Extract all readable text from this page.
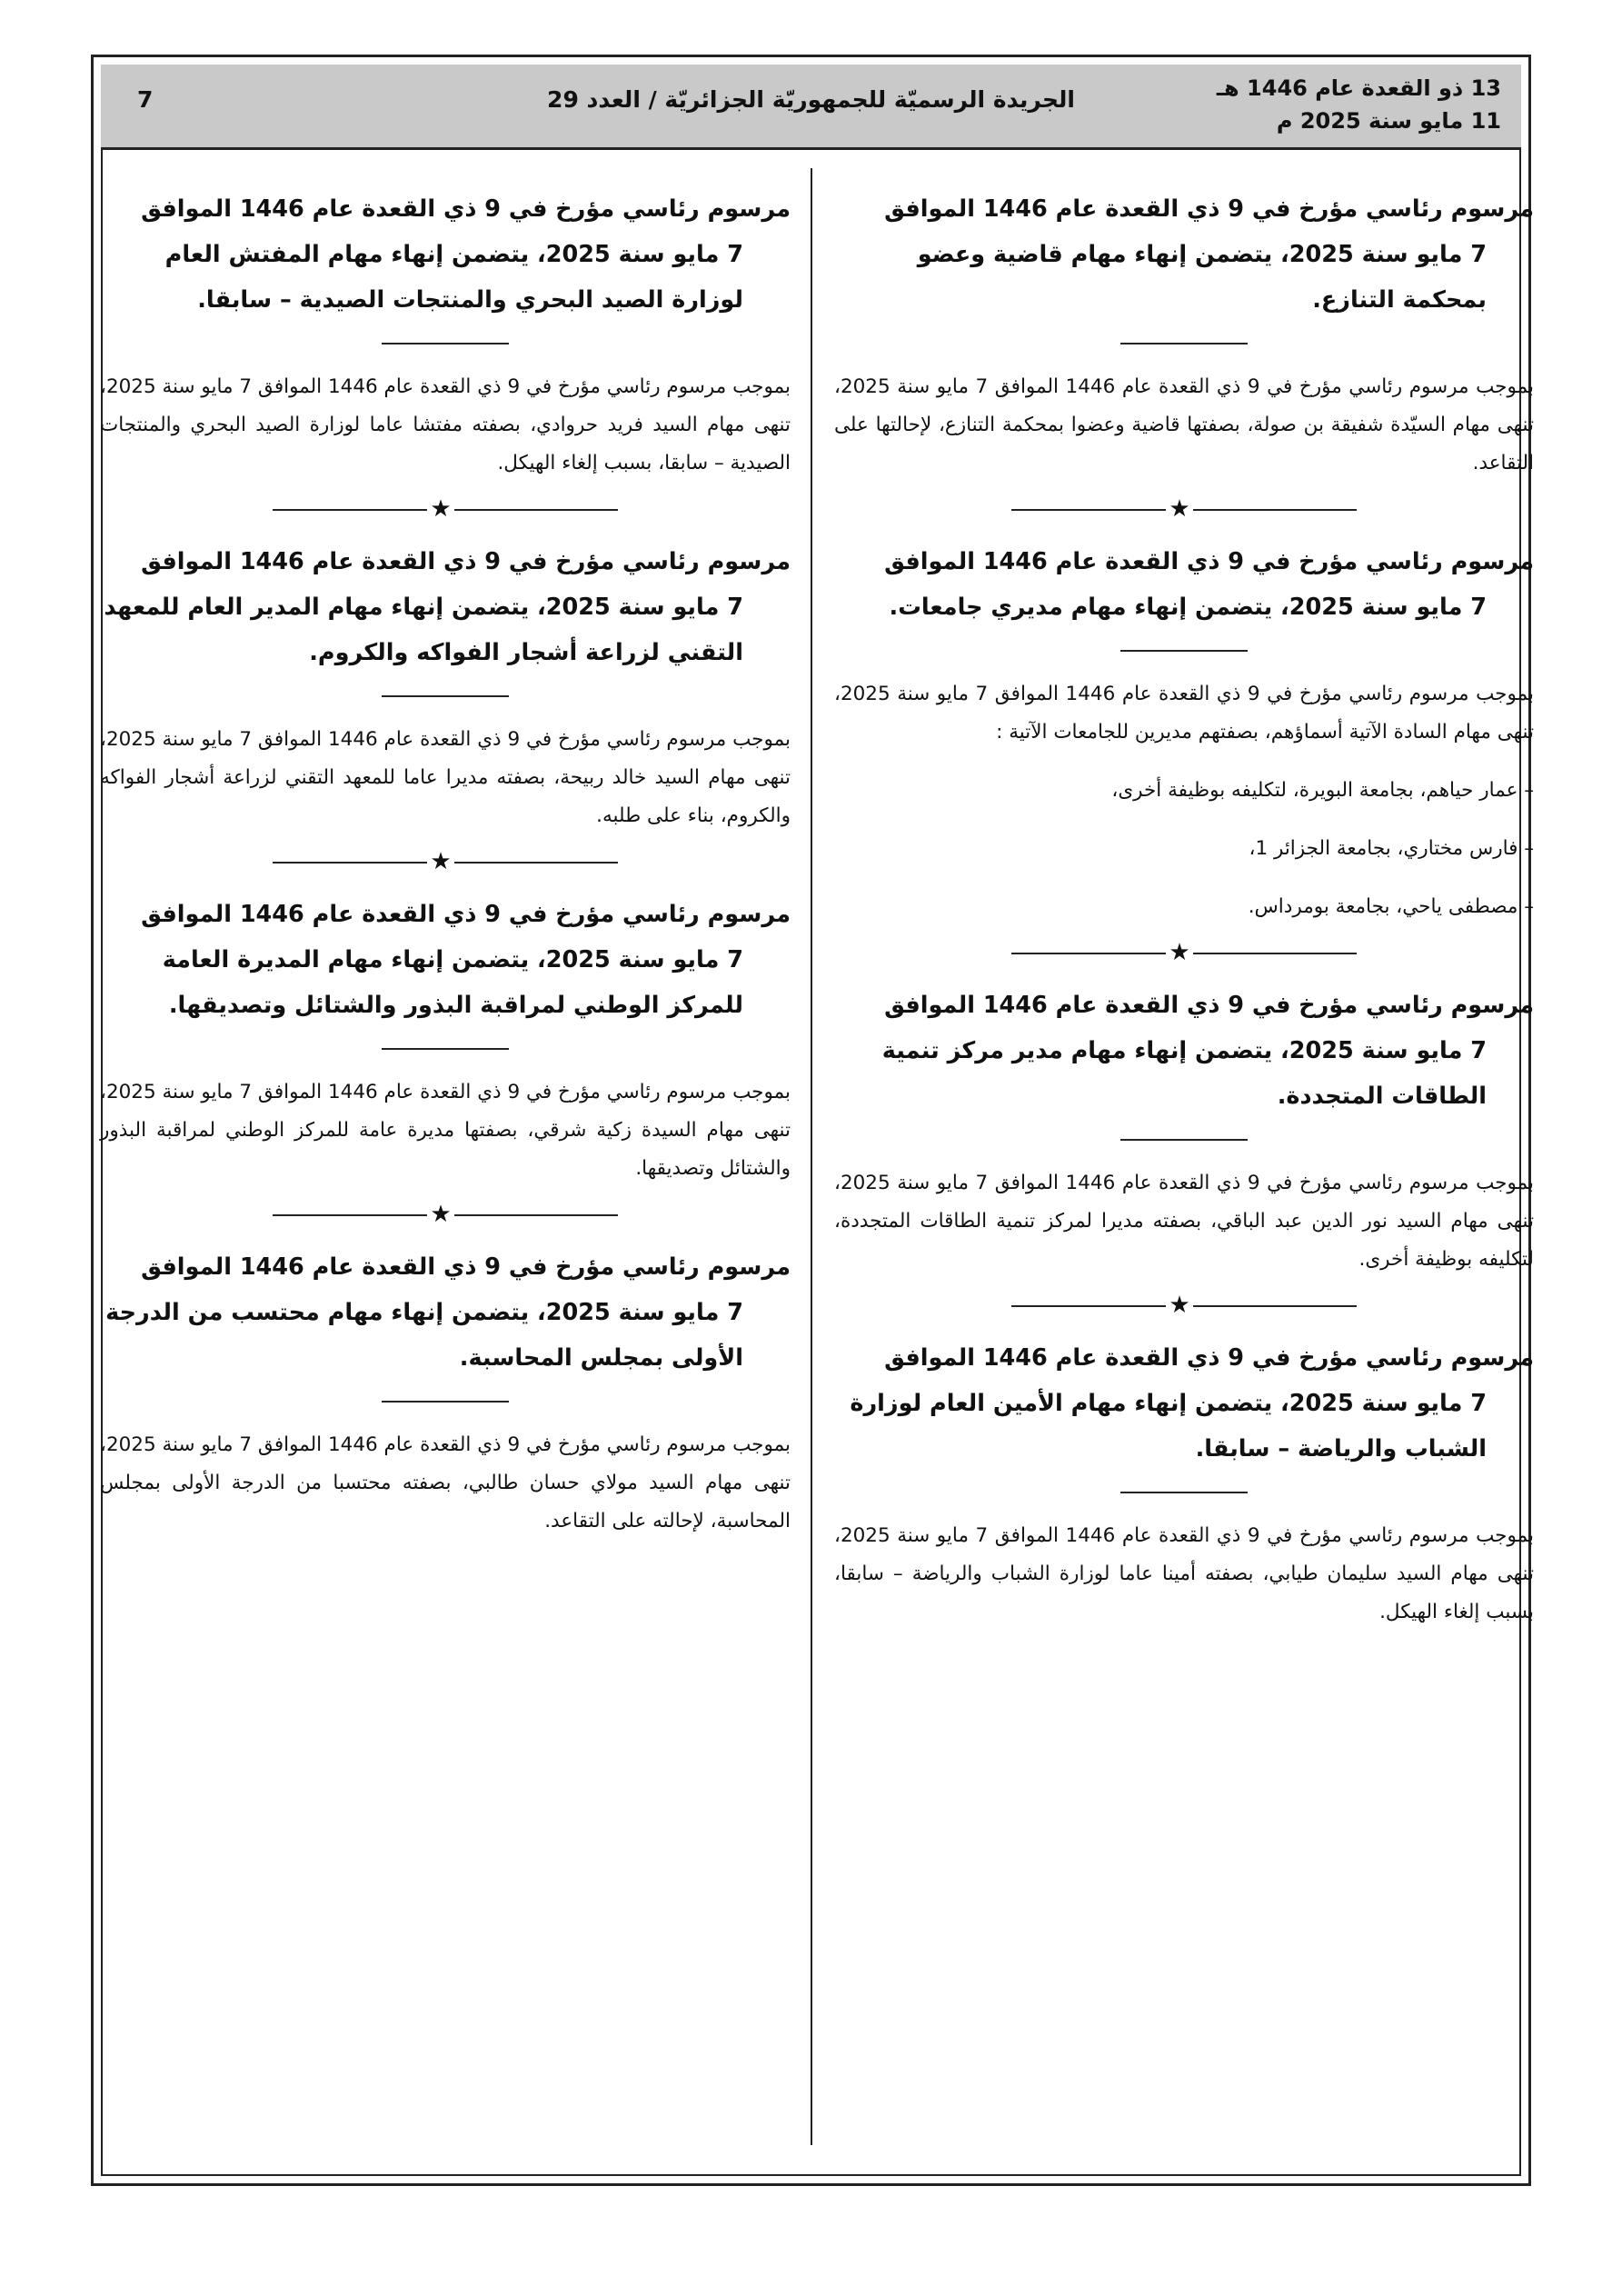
13 ذو القعدة عام 1446 هـ
11 مايو سنة 2025 م
الجريدة الرسميّة للجمهوريّة الجزائريّة / العدد 29
7
مرسوم رئاسي مؤرخ في 9 ذي القعدة عام 1446 الموافق
7 مايو سنة 2025، يتضمن إنهاء مهام قاضية وعضو بمحكمة التنازع.

بموجب مرسوم رئاسي مؤرخ في 9 ذي القعدة عام 1446 الموافق 7 مايو سنة 2025، تنهى مهام السيّدة شفيقة بن صولة، بصفتها قاضية وعضوا بمحكمة التنازع، لإحالتها على التقاعد.

★
مرسوم رئاسي مؤرخ في 9 ذي القعدة عام 1446 الموافق
7 مايو سنة 2025، يتضمن إنهاء مهام مديري جامعات.

بموجب مرسوم رئاسي مؤرخ في 9 ذي القعدة عام 1446 الموافق 7 مايو سنة 2025، تنهى مهام السادة الآتية أسماؤهم، بصفتهم مديرين للجامعات الآتية :

– عمار حياهم، بجامعة البويرة، لتكليفه بوظيفة أخرى،
– فارس مختاري، بجامعة الجزائر 1،
– مصطفى ياحي، بجامعة بومرداس.
★
مرسوم رئاسي مؤرخ في 9 ذي القعدة عام 1446 الموافق
7 مايو سنة 2025، يتضمن إنهاء مهام مدير مركز تنمية الطاقات المتجددة.

بموجب مرسوم رئاسي مؤرخ في 9 ذي القعدة عام 1446 الموافق 7 مايو سنة 2025، تنهى مهام السيد نور الدين عبد الباقي، بصفته مديرا لمركز تنمية الطاقات المتجددة، لتكليفه بوظيفة أخرى.

★
مرسوم رئاسي مؤرخ في 9 ذي القعدة عام 1446 الموافق
7 مايو سنة 2025، يتضمن إنهاء مهام الأمين العام لوزارة الشباب والرياضة – سابقا.

بموجب مرسوم رئاسي مؤرخ في 9 ذي القعدة عام 1446 الموافق 7 مايو سنة 2025، تنهى مهام السيد سليمان طيابي، بصفته أمينا عاما لوزارة الشباب والرياضة – سابقا، بسبب إلغاء الهيكل.

مرسوم رئاسي مؤرخ في 9 ذي القعدة عام 1446 الموافق
7 مايو سنة 2025، يتضمن إنهاء مهام المفتش العام لوزارة الصيد البحري والمنتجات الصيدية – سابقا.

بموجب مرسوم رئاسي مؤرخ في 9 ذي القعدة عام 1446 الموافق 7 مايو سنة 2025، تنهى مهام السيد فريد حروادي، بصفته مفتشا عاما لوزارة الصيد البحري والمنتجات الصيدية – سابقا، بسبب إلغاء الهيكل.

★
مرسوم رئاسي مؤرخ في 9 ذي القعدة عام 1446 الموافق
7 مايو سنة 2025، يتضمن إنهاء مهام المدير العام للمعهد التقني لزراعة أشجار الفواكه والكروم.

بموجب مرسوم رئاسي مؤرخ في 9 ذي القعدة عام 1446 الموافق 7 مايو سنة 2025، تنهى مهام السيد خالد ربيحة، بصفته مديرا عاما للمعهد التقني لزراعة أشجار الفواكه والكروم، بناء على طلبه.

★
مرسوم رئاسي مؤرخ في 9 ذي القعدة عام 1446 الموافق
7 مايو سنة 2025، يتضمن إنهاء مهام المديرة العامة للمركز الوطني لمراقبة البذور والشتائل وتصديقها.

بموجب مرسوم رئاسي مؤرخ في 9 ذي القعدة عام 1446 الموافق 7 مايو سنة 2025، تنهى مهام السيدة زكية شرقي، بصفتها مديرة عامة للمركز الوطني لمراقبة البذور والشتائل وتصديقها.

★
مرسوم رئاسي مؤرخ في 9 ذي القعدة عام 1446 الموافق
7 مايو سنة 2025، يتضمن إنهاء مهام محتسب من الدرجة الأولى بمجلس المحاسبة.

بموجب مرسوم رئاسي مؤرخ في 9 ذي القعدة عام 1446 الموافق 7 مايو سنة 2025، تنهى مهام السيد مولاي حسان طالبي، بصفته محتسبا من الدرجة الأولى بمجلس المحاسبة، لإحالته على التقاعد.
